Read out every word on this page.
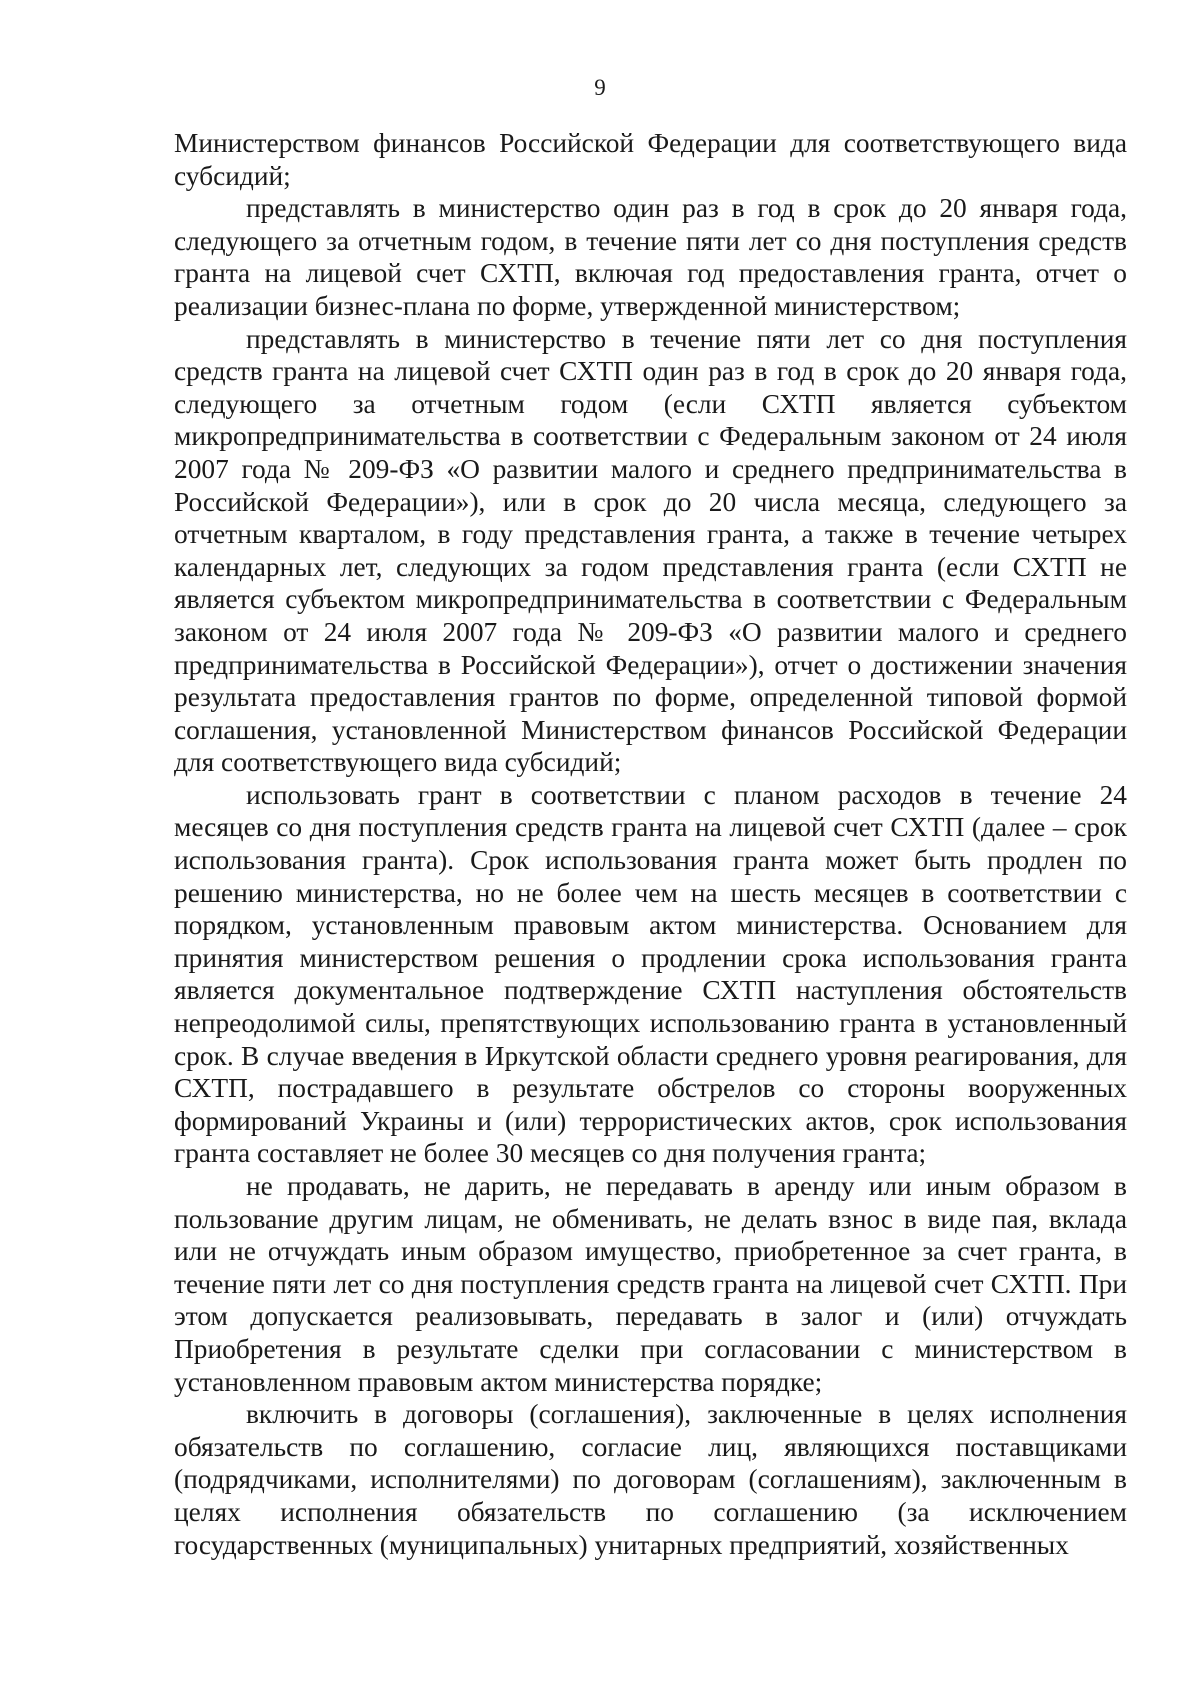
9

Министерством финансов Российской Федерации для соответствующего вида субсидий;

представлять в министерство один раз в год в срок до 20 января года, следующего за отчетным годом, в течение пяти лет со дня поступления средств гранта на лицевой счет СХТП, включая год предоставления гранта, отчет о реализации бизнес-плана по форме, утвержденной министерством;

представлять в министерство в течение пяти лет со дня поступления средств гранта на лицевой счет СХТП один раз в год в срок до 20 января года, следующего за отчетным годом (если СХТП является субъектом микропредпринимательства в соответствии с Федеральным законом от 24 июля 2007 года № 209-ФЗ «О развитии малого и среднего предпринимательства в Российской Федерации»), или в срок до 20 числа месяца, следующего за отчетным кварталом, в году представления гранта, а также в течение четырех календарных лет, следующих за годом представления гранта (если СХТП не является субъектом микропредпринимательства в соответствии с Федеральным законом от 24 июля 2007 года № 209-ФЗ «О развитии малого и среднего предпринимательства в Российской Федерации»), отчет о достижении значения результата предоставления грантов по форме, определенной типовой формой соглашения, установленной Министерством финансов Российской Федерации для соответствующего вида субсидий;

использовать грант в соответствии с планом расходов в течение 24 месяцев со дня поступления средств гранта на лицевой счет СХТП (далее – срок использования гранта). Срок использования гранта может быть продлен по решению министерства, но не более чем на шесть месяцев в соответствии с порядком, установленным правовым актом министерства. Основанием для принятия министерством решения о продлении срока использования гранта является документальное подтверждение СХТП наступления обстоятельств непреодолимой силы, препятствующих использованию гранта в установленный срок. В случае введения в Иркутской области среднего уровня реагирования, для СХТП, пострадавшего в результате обстрелов со стороны вооруженных формирований Украины и (или) террористических актов, срок использования гранта составляет не более 30 месяцев со дня получения гранта;

не продавать, не дарить, не передавать в аренду или иным образом в пользование другим лицам, не обменивать, не делать взнос в виде пая, вклада или не отчуждать иным образом имущество, приобретенное за счет гранта, в течение пяти лет со дня поступления средств гранта на лицевой счет СХТП. При этом допускается реализовывать, передавать в залог и (или) отчуждать Приобретения в результате сделки при согласовании с министерством в установленном правовым актом министерства порядке;

включить в договоры (соглашения), заключенные в целях исполнения обязательств по соглашению, согласие лиц, являющихся поставщиками (подрядчиками, исполнителями) по договорам (соглашениям), заключенным в целях исполнения обязательств по соглашению (за исключением государственных (муниципальных) унитарных предприятий, хозяйственных
